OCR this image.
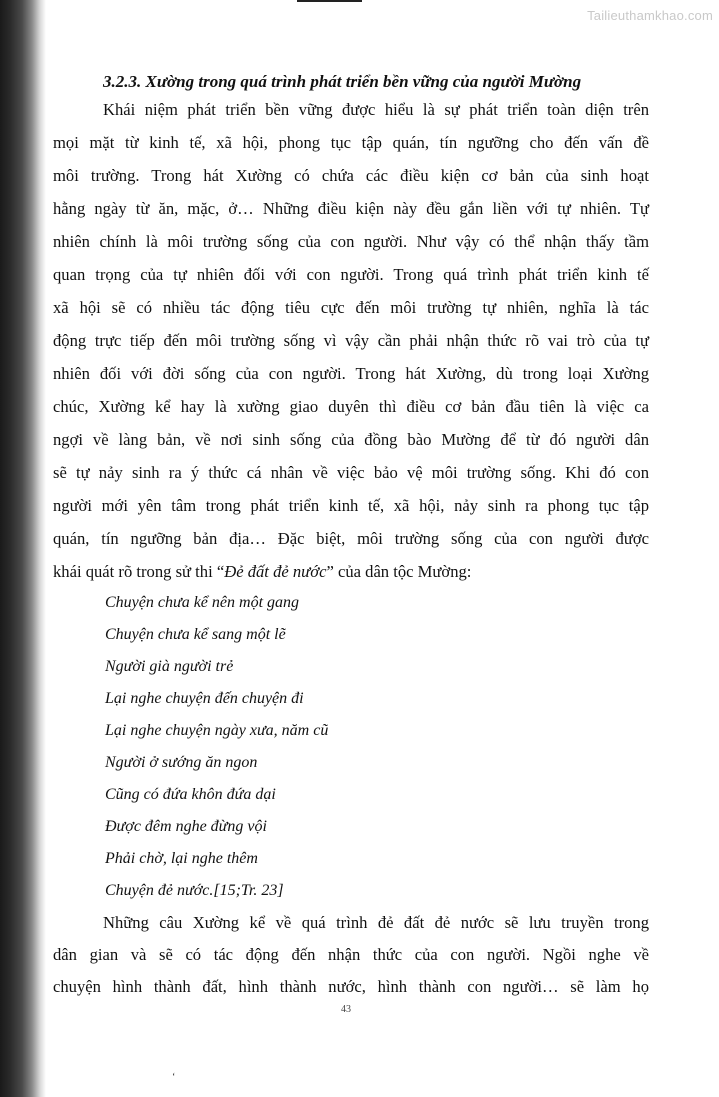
Tailieuthamkhao.com
3.2.3. Xường trong quá trình phát triển bền vững của người Mường
Khái niệm phát triển bền vững được hiểu là sự phát triển toàn diện trên
mọi mặt từ kinh tế, xã hội, phong tục tập quán, tín ngưỡng cho đến vấn đề
môi trường. Trong hát Xường có chứa các điều kiện cơ bản của sinh hoạt
hằng ngày từ ăn, mặc, ở… Những điều kiện này đều gắn liền với tự nhiên. Tự
nhiên chính là môi trường sống của con người. Như vậy có thể nhận thấy tầm
quan trọng của tự nhiên đối với con người. Trong quá trình phát triển kinh tế
xã hội sẽ có nhiều tác động tiêu cực đến môi trường tự nhiên, nghĩa là tác
động trực tiếp đến môi trường sống vì vậy cần phải nhận thức rõ vai trò của tự
nhiên đối với đời sống của con người. Trong hát Xường, dù trong loại Xường
chúc, Xường kể hay là xường giao duyên thì điều cơ bản đầu tiên là việc ca
ngợi về làng bản, về nơi sinh sống của đồng bào Mường để từ đó người dân
sẽ tự nảy sinh ra ý thức cá nhân về việc bảo vệ môi trường sống. Khi đó con
người mới yên tâm trong phát triển kinh tế, xã hội, nảy sinh ra phong tục tập
quán, tín ngưỡng bản địa… Đặc biệt, môi trường sống của con người được
khái quát rõ trong sử thi “Đẻ đất đẻ nước” của dân tộc Mường:
Chuyện chưa kể nên một gang
Chuyện chưa kể sang một lẽ
Người già người trẻ
Lại nghe chuyện đến chuyện đi
Lại nghe chuyện ngày xưa, năm cũ
Người ở sướng ăn ngon
Cũng có đứa khôn đứa dại
Được đêm nghe đừng vội
Phải chờ, lại nghe thêm
Chuyện đẻ nước.[15;Tr. 23]
Những câu Xường kể về quá trình đẻ đất đẻ nước sẽ lưu truyền trong
dân gian và sẽ có tác động đến nhận thức của con người. Ngồi nghe về
chuyện hình thành đất, hình thành nước, hình thành con người… sẽ làm họ
43
ʻ
